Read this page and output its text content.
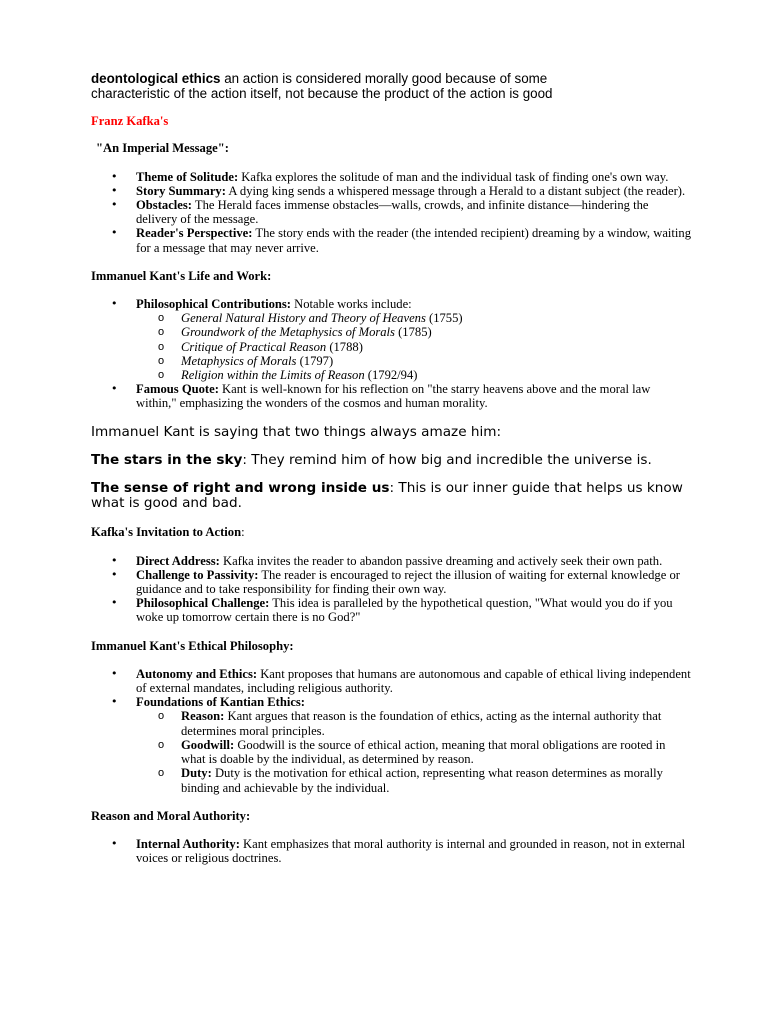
deontological ethics an action is considered morally good because of some characteristic of the action itself, not because the product of the action is good

Franz Kafka's

"An Imperial Message":

• Theme of Solitude: Kafka explores the solitude of man and the individual task of finding one's own way.
• Story Summary: A dying king sends a whispered message through a Herald to a distant subject (the reader).
• Obstacles: The Herald faces immense obstacles—walls, crowds, and infinite distance—hindering the delivery of the message.
• Reader's Perspective: The story ends with the reader (the intended recipient) dreaming by a window, waiting for a message that may never arrive.

Immanuel Kant's Life and Work:

• Philosophical Contributions: Notable works include:
o General Natural History and Theory of Heavens (1755)
o Groundwork of the Metaphysics of Morals (1785)
o Critique of Practical Reason (1788)
o Metaphysics of Morals (1797)
o Religion within the Limits of Reason (1792/94)
• Famous Quote: Kant is well-known for his reflection on "the starry heavens above and the moral law within," emphasizing the wonders of the cosmos and human morality.

Immanuel Kant is saying that two things always amaze him:

The stars in the sky: They remind him of how big and incredible the universe is.

The sense of right and wrong inside us: This is our inner guide that helps us know what is good and bad.

Kafka's Invitation to Action:

• Direct Address: Kafka invites the reader to abandon passive dreaming and actively seek their own path.
• Challenge to Passivity: The reader is encouraged to reject the illusion of waiting for external knowledge or guidance and to take responsibility for finding their own way.
• Philosophical Challenge: This idea is paralleled by the hypothetical question, "What would you do if you woke up tomorrow certain there is no God?"

Immanuel Kant's Ethical Philosophy:

• Autonomy and Ethics: Kant proposes that humans are autonomous and capable of ethical living independent of external mandates, including religious authority.
• Foundations of Kantian Ethics:
o Reason: Kant argues that reason is the foundation of ethics, acting as the internal authority that determines moral principles.
o Goodwill: Goodwill is the source of ethical action, meaning that moral obligations are rooted in what is doable by the individual, as determined by reason.
o Duty: Duty is the motivation for ethical action, representing what reason determines as morally binding and achievable by the individual.

Reason and Moral Authority:

• Internal Authority: Kant emphasizes that moral authority is internal and grounded in reason, not in external voices or religious doctrines.
